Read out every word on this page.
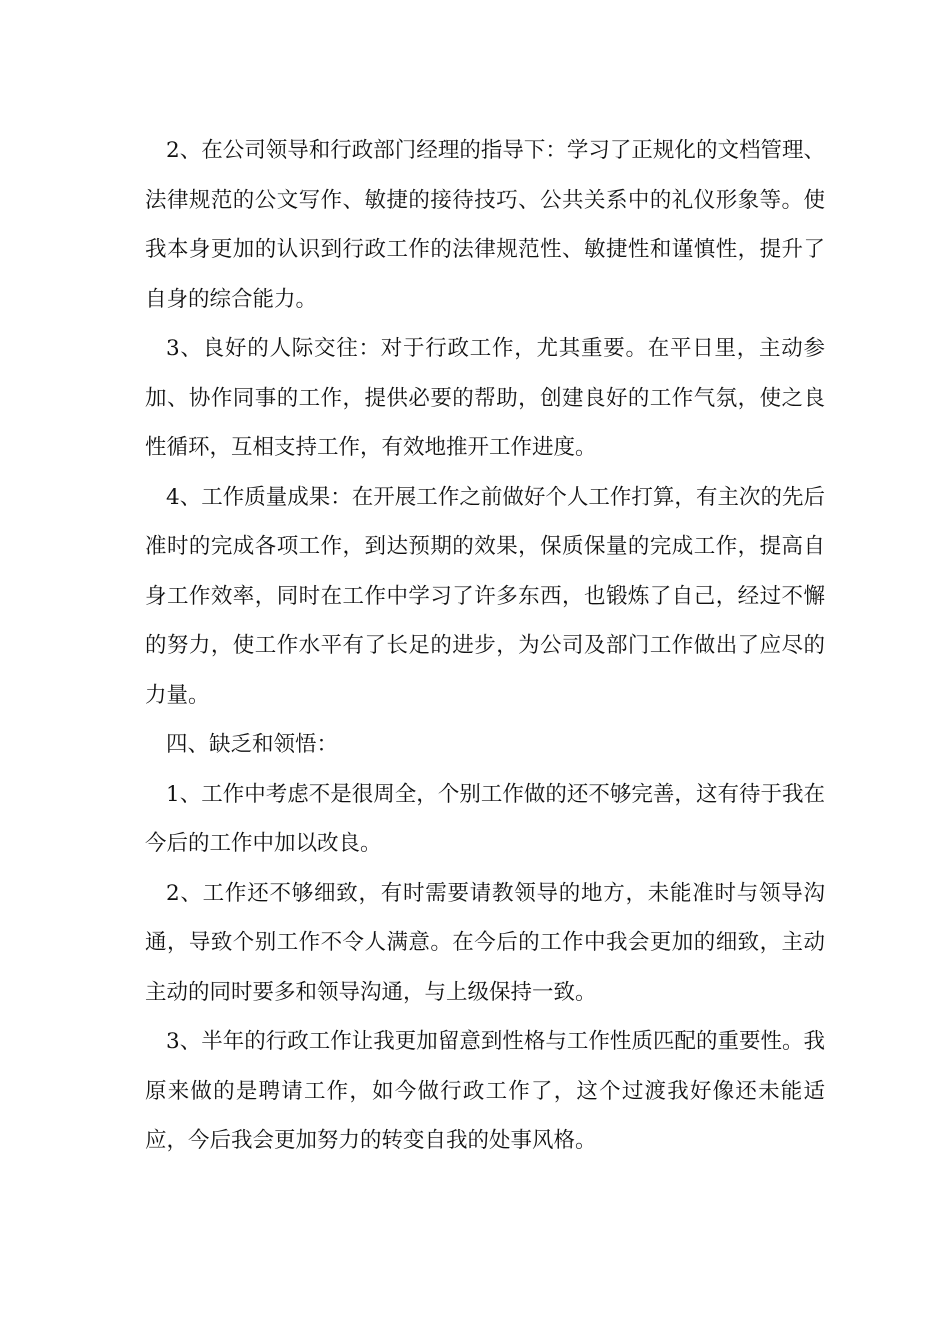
2、在公司领导和行政部门经理的指导下：学习了正规化的文档管理、法律规范的公文写作、敏捷的接待技巧、公共关系中的礼仪形象等。使我本身更加的认识到行政工作的法律规范性、敏捷性和谨慎性，提升了自身的综合能力。

3、良好的人际交往：对于行政工作，尤其重要。在平日里，主动参加、协作同事的工作，提供必要的帮助，创建良好的工作气氛，使之良性循环，互相支持工作，有效地推开工作进度。

4、工作质量成果：在开展工作之前做好个人工作打算，有主次的先后准时的完成各项工作，到达预期的效果，保质保量的完成工作，提高自身工作效率，同时在工作中学习了许多东西，也锻炼了自己，经过不懈的努力，使工作水平有了长足的进步，为公司及部门工作做出了应尽的力量。

四、缺乏和领悟：

1、工作中考虑不是很周全，个别工作做的还不够完善，这有待于我在今后的工作中加以改良。

2、工作还不够细致，有时需要请教领导的地方，未能准时与领导沟通，导致个别工作不令人满意。在今后的工作中我会更加的细致，主动主动的同时要多和领导沟通，与上级保持一致。

3、半年的行政工作让我更加留意到性格与工作性质匹配的重要性。我原来做的是聘请工作，如今做行政工作了，这个过渡我好像还未能适应，今后我会更加努力的转变自我的处事风格。
